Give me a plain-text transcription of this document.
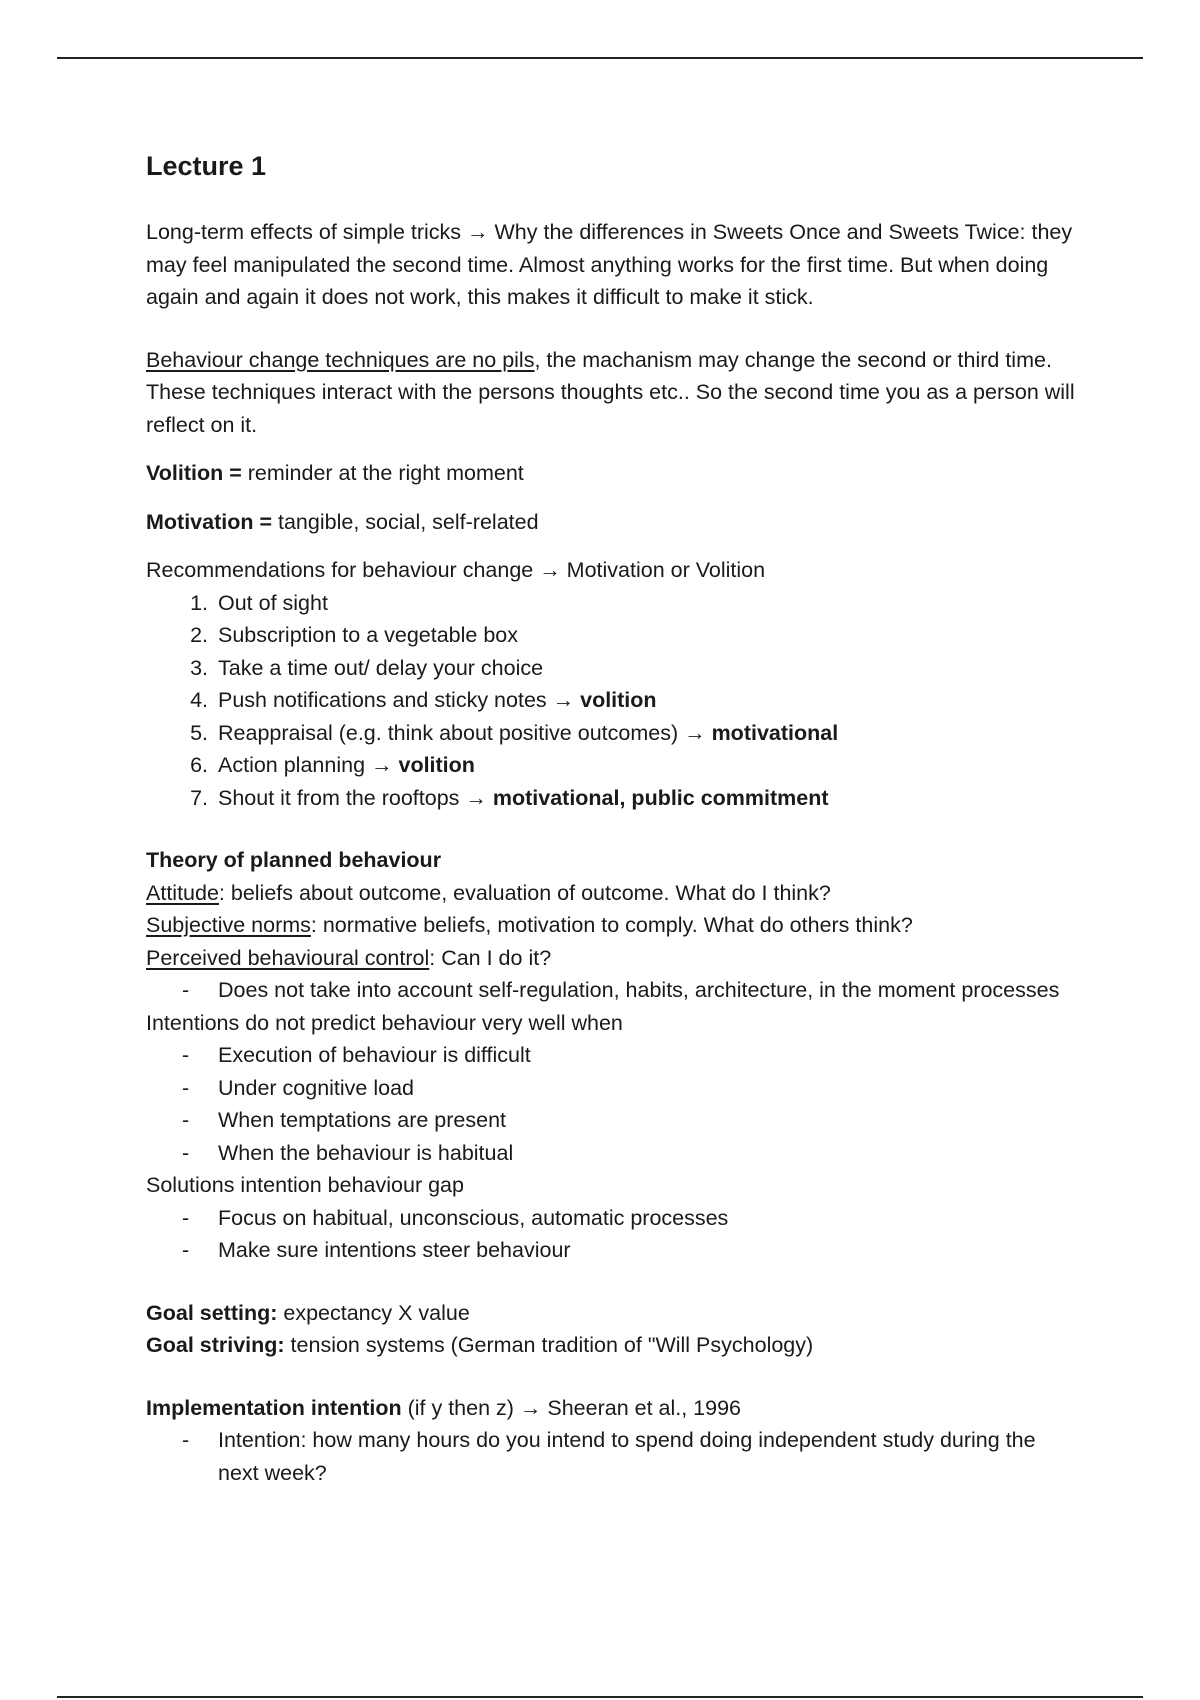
Lecture 1

Long-term effects of simple tricks → Why the differences in Sweets Once and Sweets Twice: they may feel manipulated the second time. Almost anything works for the first time. But when doing again and again it does not work, this makes it difficult to make it stick.

Behaviour change techniques are no pils, the machanism may change the second or third time. These techniques interact with the persons thoughts etc.. So the second time you as a person will reflect on it.

Volition = reminder at the right moment

Motivation = tangible, social, self-related

Recommendations for behaviour change → Motivation or Volition

1. Out of sight
2. Subscription to a vegetable box
3. Take a time out/ delay your choice
4. Push notifications and sticky notes → volition
5. Reappraisal (e.g. think about positive outcomes) → motivational
6. Action planning → volition
7. Shout it from the rooftops → motivational, public commitment

Theory of planned behaviour

Attitude: beliefs about outcome, evaluation of outcome. What do I think?

Subjective norms: normative beliefs, motivation to comply. What do others think?

Perceived behavioural control: Can I do it?

-	Does not take into account self-regulation, habits, architecture, in the moment processes

Intentions do not predict behaviour very well when

-	Execution of behaviour is difficult
-	Under cognitive load
-	When temptations are present
-	When the behaviour is habitual

Solutions intention behaviour gap

-	Focus on habitual, unconscious, automatic processes
-	Make sure intentions steer behaviour

Goal setting: expectancy X value

Goal striving: tension systems (German tradition of "Will Psychology)

Implementation intention (if y then z) → Sheeran et al., 1996

-	Intention: how many hours do you intend to spend doing independent study during the next week?
